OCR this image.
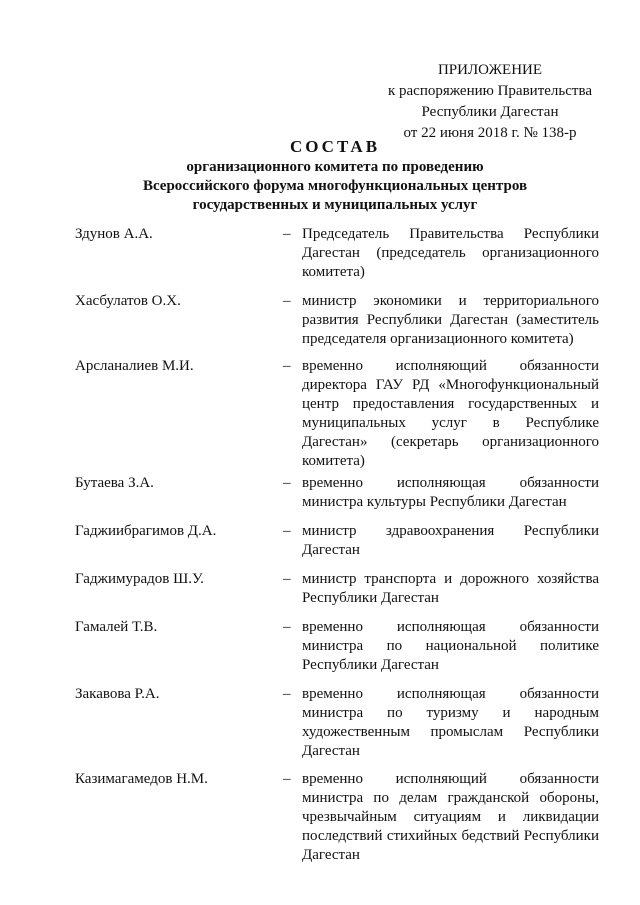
ПРИЛОЖЕНИЕ
к распоряжению Правительства
Республики Дагестан
от 22 июня 2018 г. № 138-р
СОСТАВ
организационного комитета по проведению
Всероссийского форума многофункциональных центров
государственных и муниципальных услуг
Здунов А.А.	– Председатель Правительства Республики Дагестан (председатель организационного комитета)
Хасбулатов О.Х.	– министр экономики и территориального развития Республики Дагестан (заместитель председателя организационного комитета)
Арсланалиев М.И.	– временно исполняющий обязанности директора ГАУ РД «Многофункциональный центр предоставления государственных и муниципальных услуг в Республике Дагестан» (секретарь организационного комитета)
Бутаева З.А.	– временно исполняющая обязанности министра культуры Республики Дагестан
Гаджиибрагимов Д.А.	– министр здравоохранения Республики Дагестан
Гаджимурадов Ш.У.	– министр транспорта и дорожного хозяйства Республики Дагестан
Гамалей Т.В.	– временно исполняющая обязанности министра по национальной политике Республики Дагестан
Закавова Р.А.	– временно исполняющая обязанности министра по туризму и народным художественным промыслам Республики Дагестан
Казимагамедов Н.М.	– временно исполняющий обязанности министра по делам гражданской обороны, чрезвычайным ситуациям и ликвидации последствий стихийных бедствий Республики Дагестан
